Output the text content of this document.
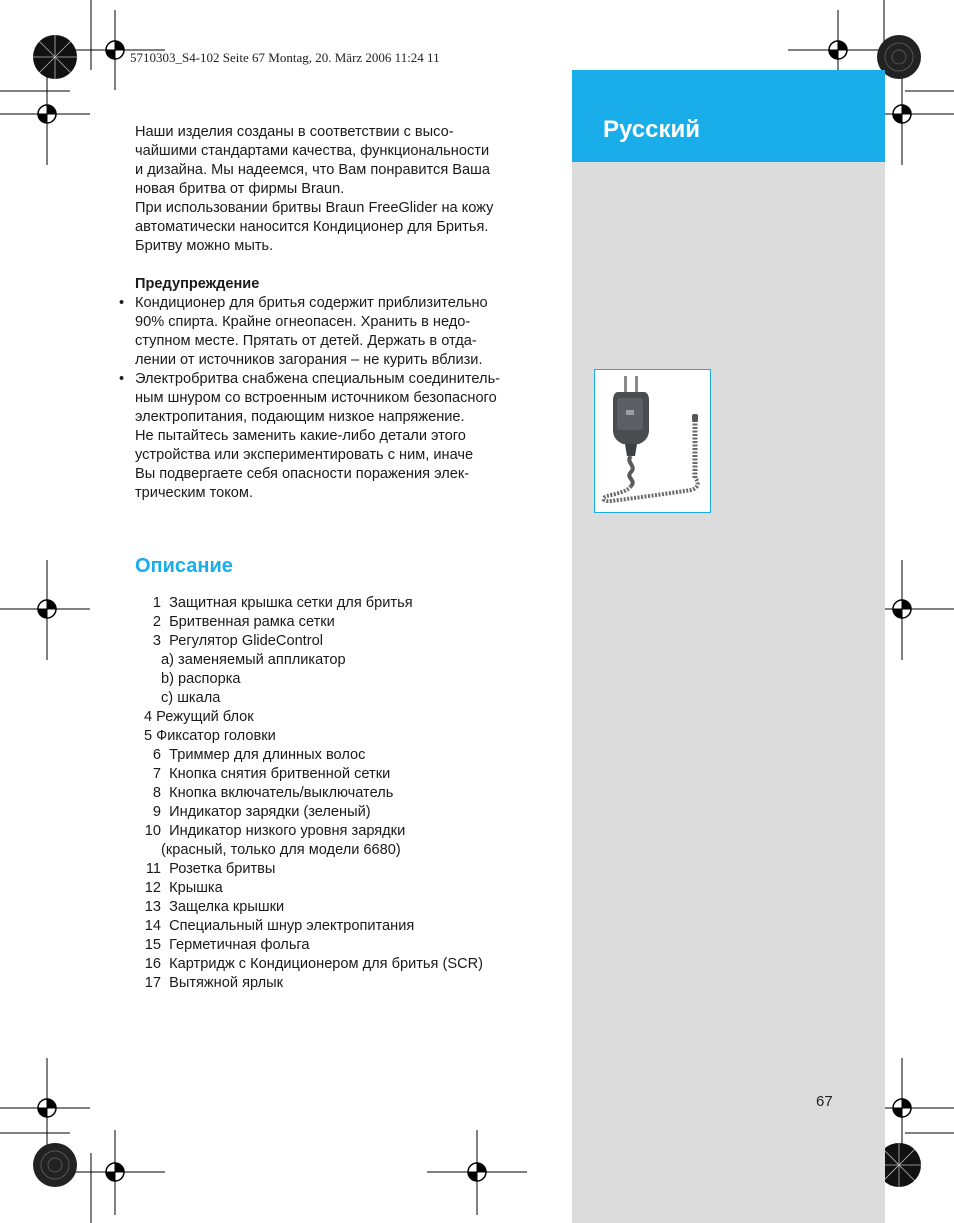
5710303_S4-102 Seite 67 Montag, 20. März 2006 11:24 11
Русский
67

Наши изделия созданы в соответствии с высо-

чайшими стандартами качества, функциональности

и дизайна. Мы надеемся, что Вам понравится Ваша

новая бритва от фирмы Braun.

При использовании бритвы Braun FreeGlider на кожу

автоматически наносится Кондиционер для Бритья.

Бритву можно мыть.

Предупреждение

• Кондиционер для бритья содержит приблизительно

90% спирта. Крайне огнеопасен. Хранить в недо-

ступном месте. Прятать от детей. Держать в отда-

лении от источников загорания – не курить вблизи.

• Электробритва снабжена специальным соединитель-

ным шнуром со встроенным источником безопасного

электропитания, подающим низкое напряжение.

Не пытайтесь заменить какие-либо детали этого

устройства или экспериментировать с ним, иначе

Вы подвергаете себя опасности поражения элек-

трическим током.

Описание
1 Защитная крышка сетки для бритья
2 Бритвенная рамка сетки
3 Регулятор GlideControl
a) заменяемый аппликатор
b) распорка
c) шкала
4 Режущий блок
5 Фиксатор головки
6 Триммер для длинных волос
7 Кнопка снятия бритвенной сетки
8 Кнопка включатель/выключатель
9 Индикатор зарядки (зеленый)
10 Индикатор низкого уровня зарядки
(красный, только для модели 6680)
11 Розетка бритвы
12 Крышка
13 Защелка крышки
14 Специальный шнур электропитания
15 Герметичная фольга
16 Картридж с Кондиционером для бритья (SCR)
17 Вытяжной ярлык
